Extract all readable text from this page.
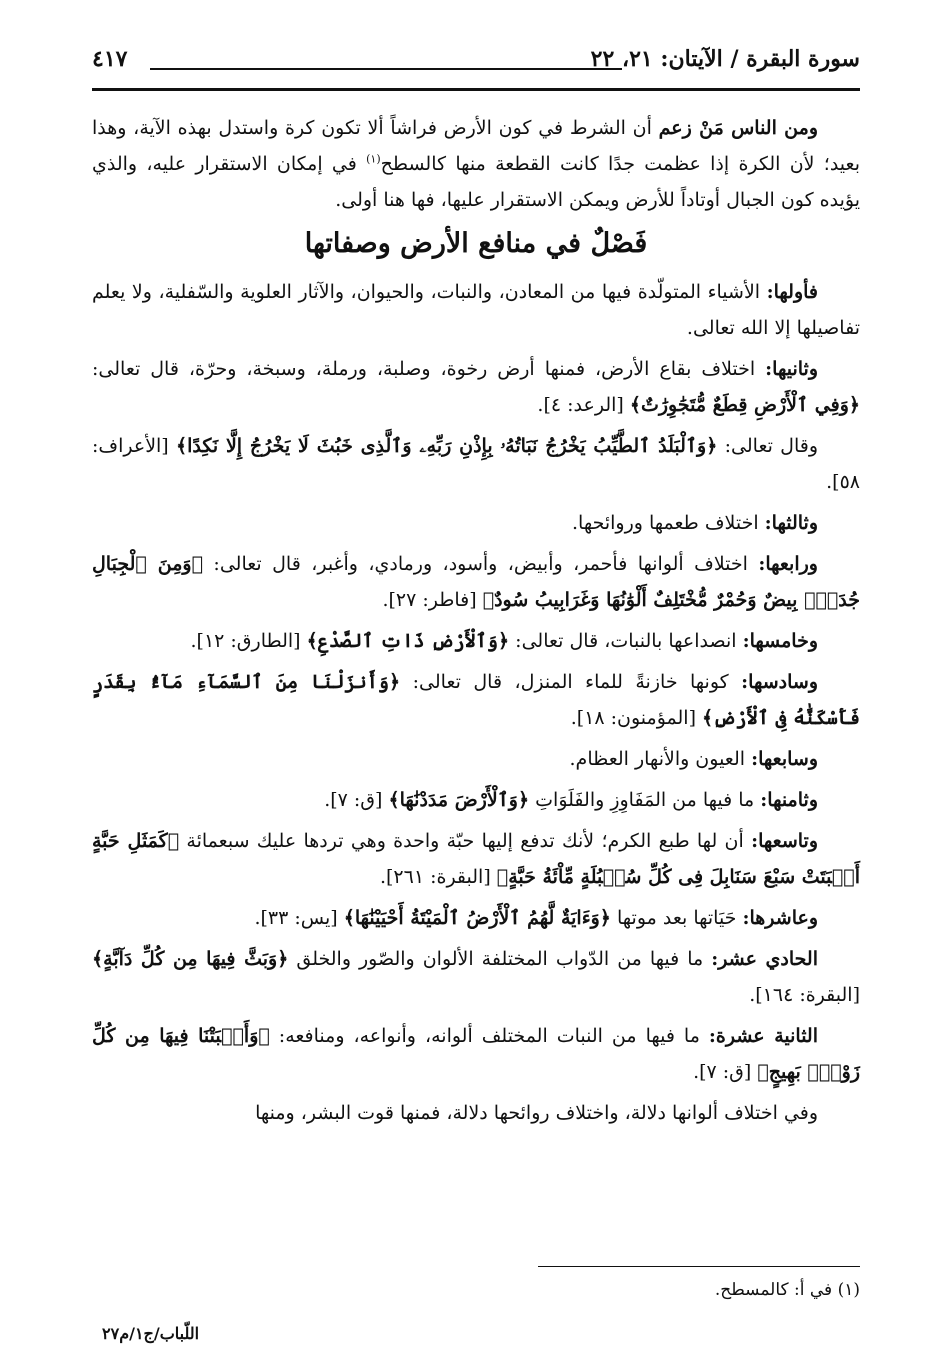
سورة البقرة / الآيتان: ٢١، ٢٢
٤١٧

ومن الناس مَنْ زعم أن الشرط في كون الأرض فراشاً ألا تكون كرة واستدل بهذه الآية، وهذا بعيد؛ لأن الكرة إذا عظمت جدًا كانت القطعة منها كالسطح$^{(١)}$ في إمكان الاستقرار عليه، والذي يؤيده كون الجبال أوتاداً للأرض ويمكن الاستقرار عليها، فها هنا أولى.

فَصْلٌ في منافع الأرض وصفاتها

فأولها: الأشياء المتولّدة فيها من المعادن، والنبات، والحيوان، والآثار العلوية والسّفلية، ولا يعلم تفاصيلها إلا الله تعالى.

وثانيها: اختلاف بقاع الأرض، فمنها أرض رخوة، وصلبة، ورملة، وسبخة، وحرّة، قال تعالى: ﴿وَفِي ٱلْأَرْضِ قِطَعٌ مُّتَجَٰوِرَٰتٌ﴾ [الرعد: ٤].

وقال تعالى: ﴿وَٱلْبَلَدُ ٱلطَّيِّبُ يَخْرُجُ نَبَاتُهُۥ بِإِذْنِ رَبِّهِۦ وَٱلَّذِى خَبُثَ لَا يَخْرُجُ إِلَّا نَكِدًا﴾ [الأعراف: ٥٨].

وثالثها: اختلاف طعمها وروائحها.

ورابعها: اختلاف ألوانها فأحمر، وأبيض، وأسود، ورمادي، وأغبر، قال تعالى: ﴿وَمِنَ ٱلْجِبَالِ جُدَدٌۢ بِيضٌ وَحُمْرٌ مُّخْتَلِفٌ أَلْوَٰنُهَا وَغَرَابِيبُ سُودٌ﴾ [فاطر: ٢٧].

وخامسها: انصداعها بالنبات، قال تعالى: ﴿وَٱلْأَرْضِ ذَاتِ ٱلصَّدْعِ﴾ [الطارق: ١٢].

وسادسها: كونها خازنةً للماء المنزل، قال تعالى: ﴿وَأَنزَلْنَا مِنَ ٱلسَّمَآءِ مَآءًۢ بِقَدَرٍ فَأَسْكَنَّٰهُ فِى ٱلْأَرْضِ﴾ [المؤمنون: ١٨].

وسابعها: العيون والأنهار العظام.

وثامنها: ما فيها من المَفَاوِزِ والفَلَوَاتِ ﴿وَٱلْأَرْضَ مَدَدْنَٰهَا﴾ [ق: ٧].

وتاسعها: أن لها طبع الكرم؛ لأنك تدفع إليها حبّة واحدة وهي تردها عليك سبعمائة ﴿كَمَثَلِ حَبَّةٍ أَنۢبَتَتْ سَبْعَ سَنَابِلَ فِى كُلِّ سُنۢبُلَةٍ مِّاْئَةُ حَبَّةٍ﴾ [البقرة: ٢٦١].

وعاشرها: حَيَاتها بعد موتها ﴿وَءَايَةٌ لَّهُمُ ٱلْأَرْضُ ٱلْمَيْتَةُ أَحْيَيْنَٰهَا﴾ [يس: ٣٣].

الحادي عشر: ما فيها من الدّواب المختلفة الألوان والصّور والخلق ﴿وَبَثَّ فِيهَا مِن كُلِّ دَآبَّةٍ﴾ [البقرة: ١٦٤].

الثانية عشرة: ما فيها من النبات المختلف ألوانه، وأنواعه، ومنافعه: ﴿وَأَنۢبَتْنَا فِيهَا مِن كُلِّ زَوْجٍۭ بَهِيجٍ﴾ [ق: ٧].

وفي اختلاف ألوانها دلالة، واختلاف روائحها دلالة، فمنها قوت البشر، ومنها

(١) في أ: كالمسطح.
اللّباب/ج١/م٢٧
